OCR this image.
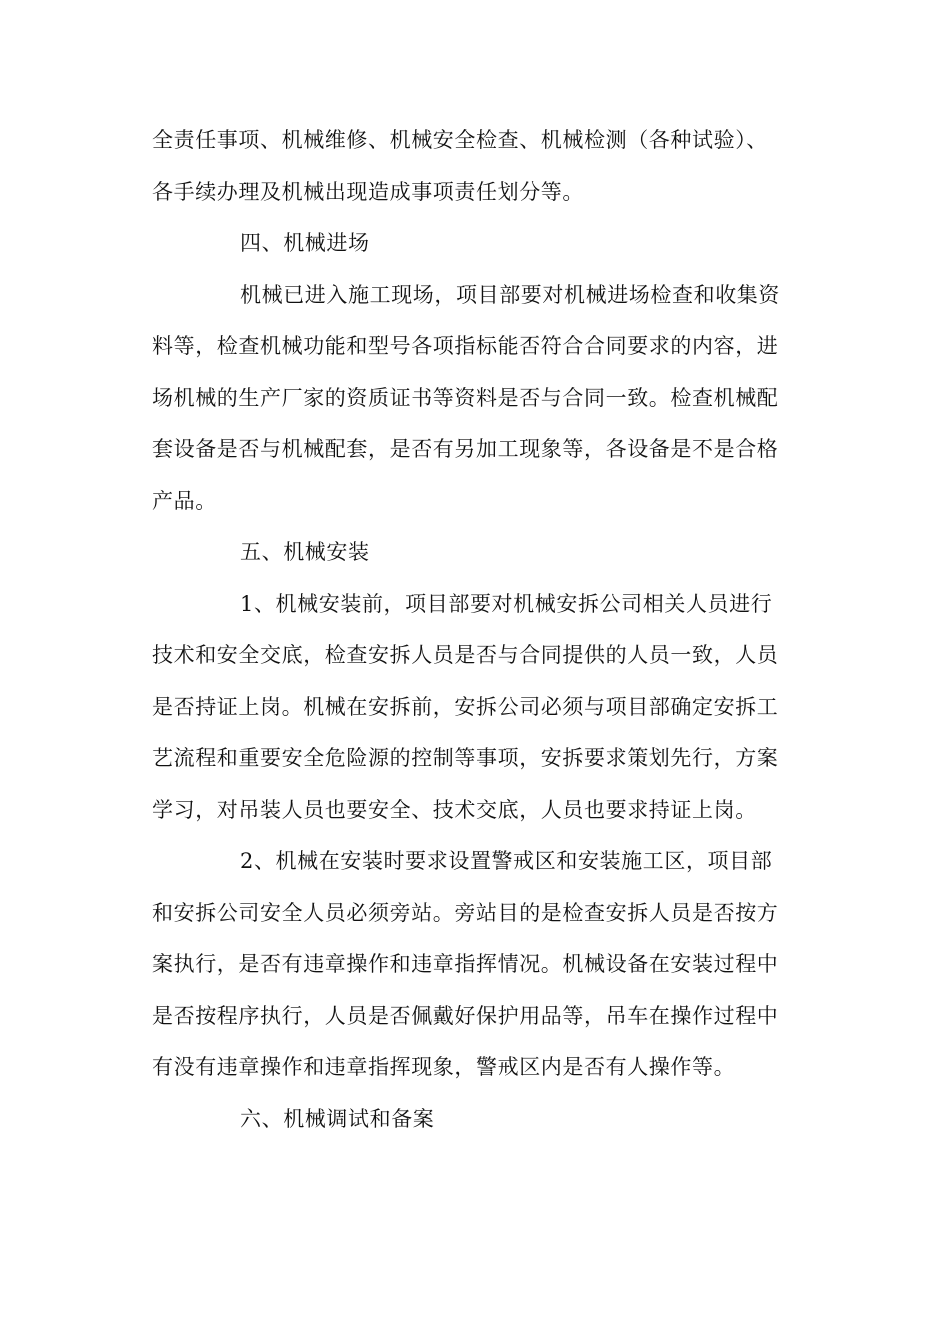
全责任事项、机械维修、机械安全检查、机械检测（各种试验）、
各手续办理及机械出现造成事项责任划分等。
四、机械进场
机械已进入施工现场，项目部要对机械进场检查和收集资
料等，检查机械功能和型号各项指标能否符合合同要求的内容，进
场机械的生产厂家的资质证书等资料是否与合同一致。检查机械配
套设备是否与机械配套，是否有另加工现象等，各设备是不是合格
产品。
五、机械安装
1、机械安装前，项目部要对机械安拆公司相关人员进行
技术和安全交底，检查安拆人员是否与合同提供的人员一致，人员
是否持证上岗。机械在安拆前，安拆公司必须与项目部确定安拆工
艺流程和重要安全危险源的控制等事项，安拆要求策划先行，方案
学习，对吊装人员也要安全、技术交底，人员也要求持证上岗。
2、机械在安装时要求设置警戒区和安装施工区，项目部
和安拆公司安全人员必须旁站。旁站目的是检查安拆人员是否按方
案执行，是否有违章操作和违章指挥情况。机械设备在安装过程中
是否按程序执行，人员是否佩戴好保护用品等，吊车在操作过程中
有没有违章操作和违章指挥现象，警戒区内是否有人操作等。
六、机械调试和备案
